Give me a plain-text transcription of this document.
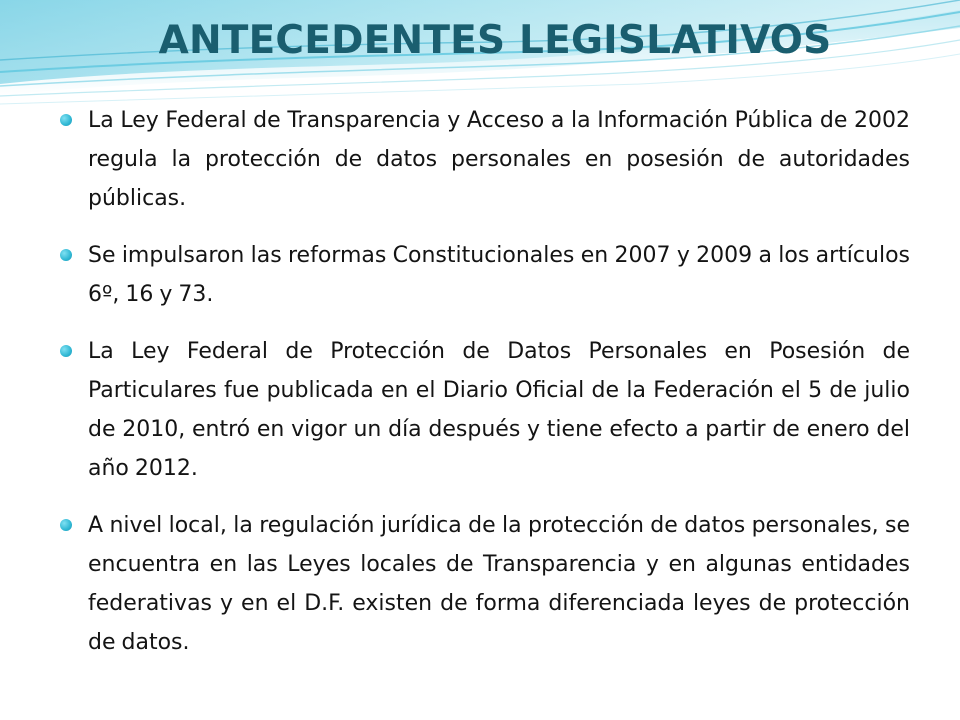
ANTECEDENTES LEGISLATIVOS
La Ley Federal de Transparencia y Acceso a la Información Pública de 2002 regula la protección de datos personales en posesión de autoridades públicas.
Se impulsaron las reformas Constitucionales en 2007 y 2009 a los artículos 6º, 16 y 73.
La Ley Federal de Protección de Datos Personales en Posesión de Particulares fue publicada en el Diario Oficial de la Federación el 5 de julio de 2010, entró en vigor un día después y tiene efecto a partir de enero del año 2012.
A nivel local, la regulación jurídica de la protección de datos personales, se encuentra en las Leyes locales de Transparencia y en algunas entidades federativas y en el D.F. existen de forma diferenciada leyes de protección de datos.
